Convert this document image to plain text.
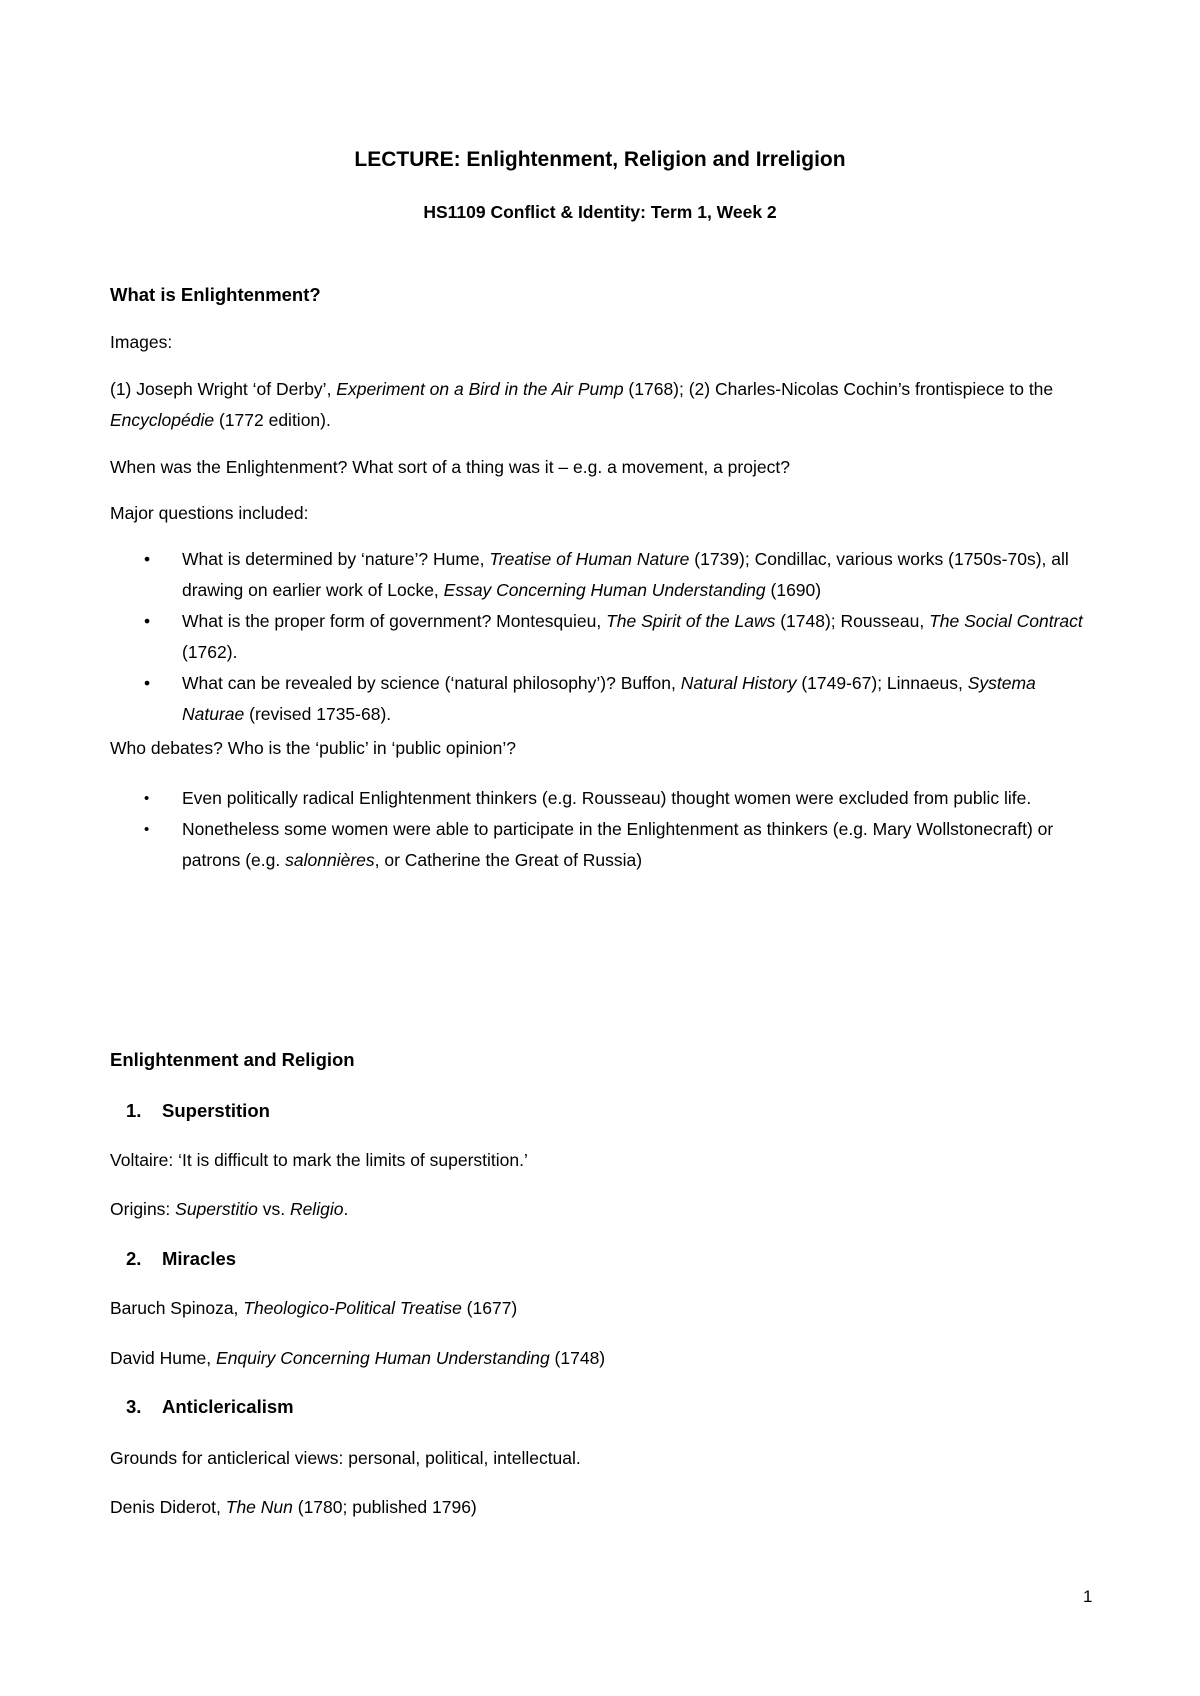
LECTURE: Enlightenment, Religion and Irreligion
HS1109 Conflict & Identity: Term 1, Week 2
What is Enlightenment?
Images:

(1) Joseph Wright ‘of Derby’, Experiment on a Bird in the Air Pump (1768); (2) Charles-Nicolas Cochin’s frontispiece to the Encyclopédie (1772 edition).

When was the Enlightenment? What sort of a thing was it – e.g. a movement, a project?
Major questions included:
• What is determined by ‘nature’? Hume, Treatise of Human Nature (1739); Condillac, various works (1750s-70s), all drawing on earlier work of Locke, Essay Concerning Human Understanding (1690)
• What is the proper form of government? Montesquieu, The Spirit of the Laws (1748); Rousseau, The Social Contract (1762).
• What can be revealed by science (‘natural philosophy’)? Buffon, Natural History (1749-67); Linnaeus, Systema Naturae (revised 1735-68).
Who debates? Who is the ‘public’ in ‘public opinion’?
• Even politically radical Enlightenment thinkers (e.g. Rousseau) thought women were excluded from public life.
• Nonetheless some women were able to participate in the Enlightenment as thinkers (e.g. Mary Wollstonecraft) or patrons (e.g. salonnières, or Catherine the Great of Russia)
Enlightenment and Religion
1. Superstition
Voltaire: ‘It is difficult to mark the limits of superstition.’
Origins: Superstitio vs. Religio.
2. Miracles
Baruch Spinoza, Theologico-Political Treatise (1677)
David Hume, Enquiry Concerning Human Understanding (1748)
3. Anticlericalism
Grounds for anticlerical views: personal, political, intellectual.
Denis Diderot, The Nun (1780; published 1796)
1
